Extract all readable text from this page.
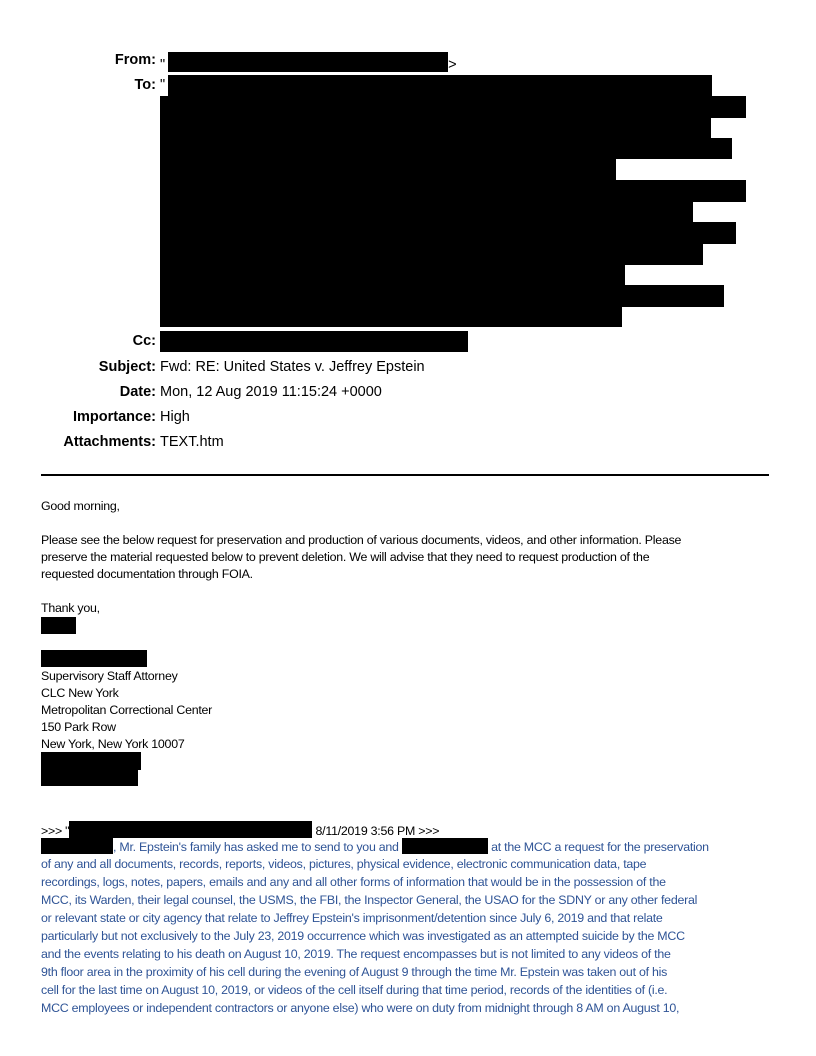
From: "	>
To: "
Cc:
Subject: Fwd: RE: United States v. Jeffrey Epstein
Date: Mon, 12 Aug 2019 11:15:24 +0000
Importance: High
Attachments: TEXT.htm
Good morning,
Please see the below request for preservation and production of various documents, videos, and other information. Please
preserve the material requested below to prevent deletion. We will advise that they need to request production of the
requested documentation through FOIA.
Thank you,
Supervisory Staff Attorney
CLC New York
Metropolitan Correctional Center
150 Park Row
New York, New York 10007
>>> "	8/11/2019 3:56 PM >>>
, Mr. Epstein's family has asked me to send to you and	at the MCC a request for the preservation
of any and all documents, records, reports, videos, pictures, physical evidence, electronic communication data, tape
recordings, logs, notes, papers, emails and any and all other forms of information that would be in the possession of the
MCC, its Warden, their legal counsel, the USMS, the FBI, the Inspector General, the USAO for the SDNY or any other federal
or relevant state or city agency that relate to Jeffrey Epstein's imprisonment/detention since July 6, 2019 and that relate
particularly but not exclusively to the July 23, 2019 occurrence which was investigated as an attempted suicide by the MCC
and the events relating to his death on August 10, 2019. The request encompasses but is not limited to any videos of the
9th floor area in the proximity of his cell during the evening of August 9 through the time Mr. Epstein was taken out of his
cell for the last time on August 10, 2019, or videos of the cell itself during that time period, records of the identities of (i.e.
MCC employees or independent contractors or anyone else) who were on duty from midnight through 8 AM on August 10,
